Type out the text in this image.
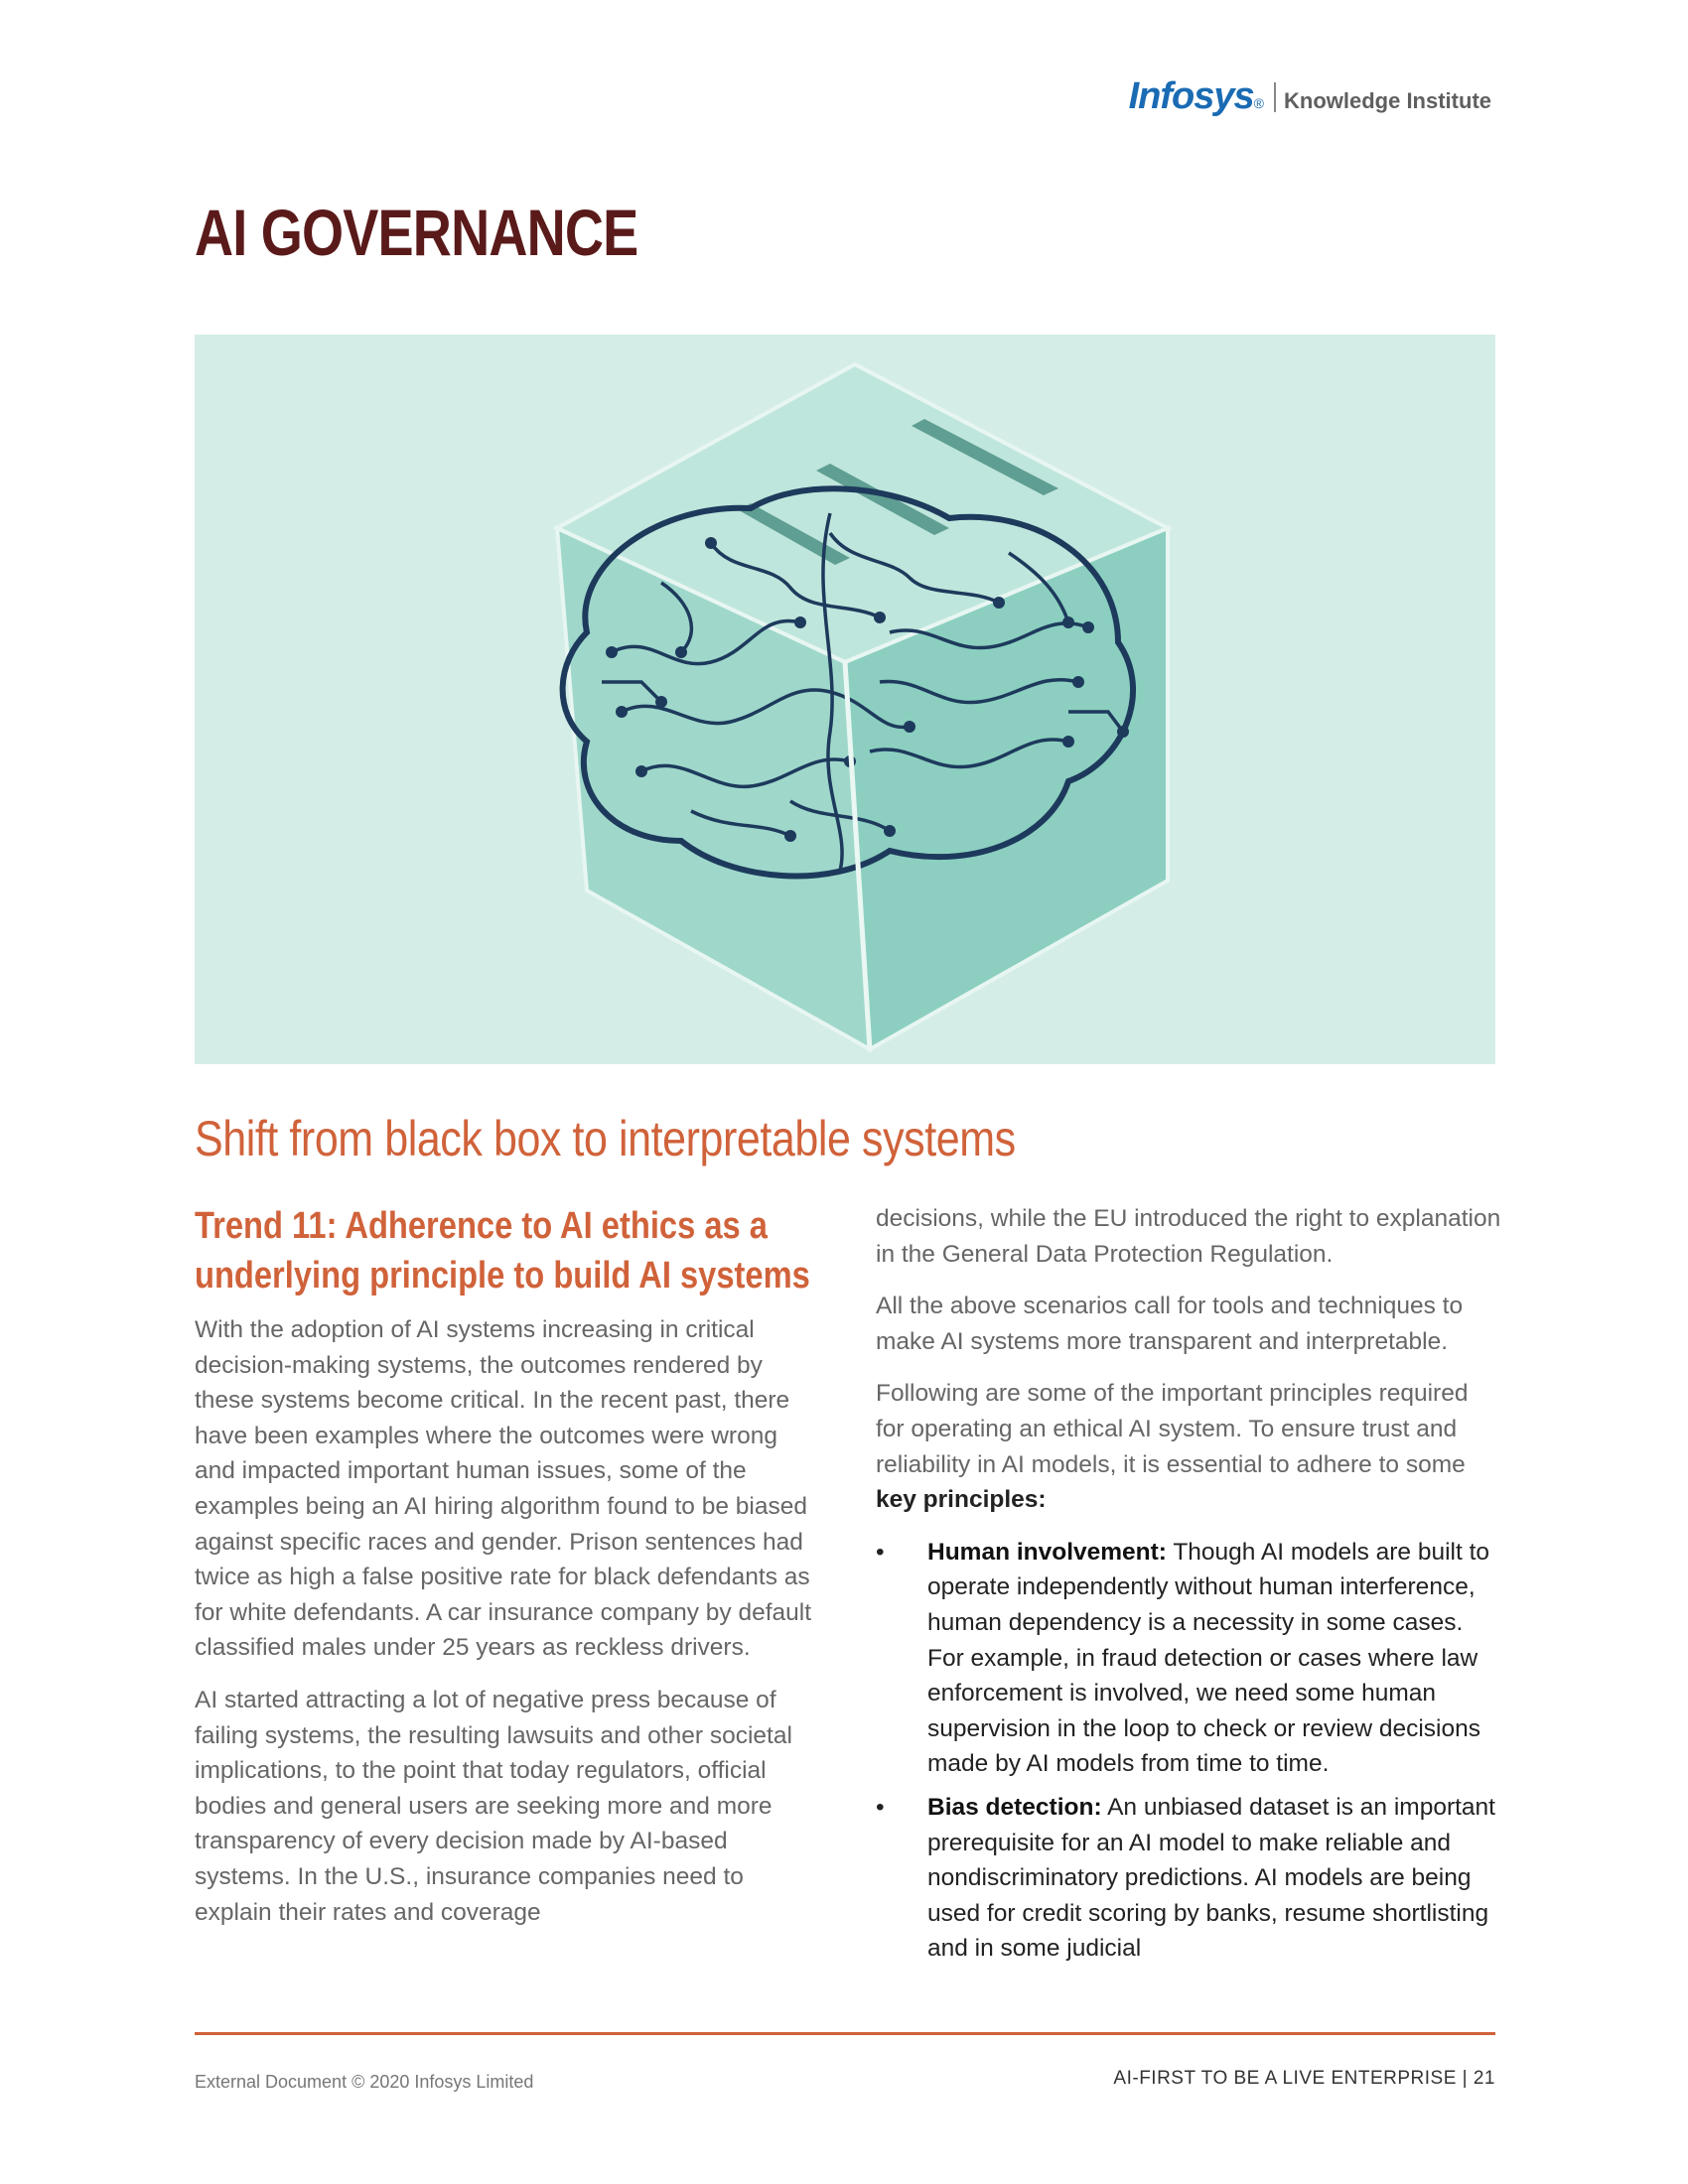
Infosys ® Knowledge Institute
AI GOVERNANCE
Shift from black box to interpretable systems
Trend 11: Adherence to AI ethics as a underlying principle to build AI systems

With the adoption of AI systems increasing in critical decision-making systems, the outcomes rendered by these systems become critical. In the recent past, there have been examples where the outcomes were wrong and impacted important human issues, some of the examples being an AI hiring algorithm found to be biased against specific races and gender. Prison sentences had twice as high a false positive rate for black defendants as for white defendants. A car insurance company by default classified males under 25 years as reckless drivers.

AI started attracting a lot of negative press because of failing systems, the resulting lawsuits and other societal implications, to the point that today regulators, official bodies and general users are seeking more and more transparency of every decision made by AI-based systems. In the U.S., insurance companies need to explain their rates and coverage

decisions, while the EU introduced the right to explanation in the General Data Protection Regulation.

All the above scenarios call for tools and techniques to make AI systems more transparent and interpretable.

Following are some of the important principles required for operating an ethical AI system. To ensure trust and reliability in AI models, it is essential to adhere to some key principles:

• Human involvement: Though AI models are built to operate independently without human interference, human dependency is a necessity in some cases. For example, in fraud detection or cases where law enforcement is involved, we need some human supervision in the loop to check or review decisions made by AI models from time to time.
• Bias detection: An unbiased dataset is an important prerequisite for an AI model to make reliable and nondiscriminatory predictions. AI models are being used for credit scoring by banks, resume shortlisting and in some judicial
External Document © 2020 Infosys Limited	AI-FIRST TO BE A LIVE ENTERPRISE | 21
